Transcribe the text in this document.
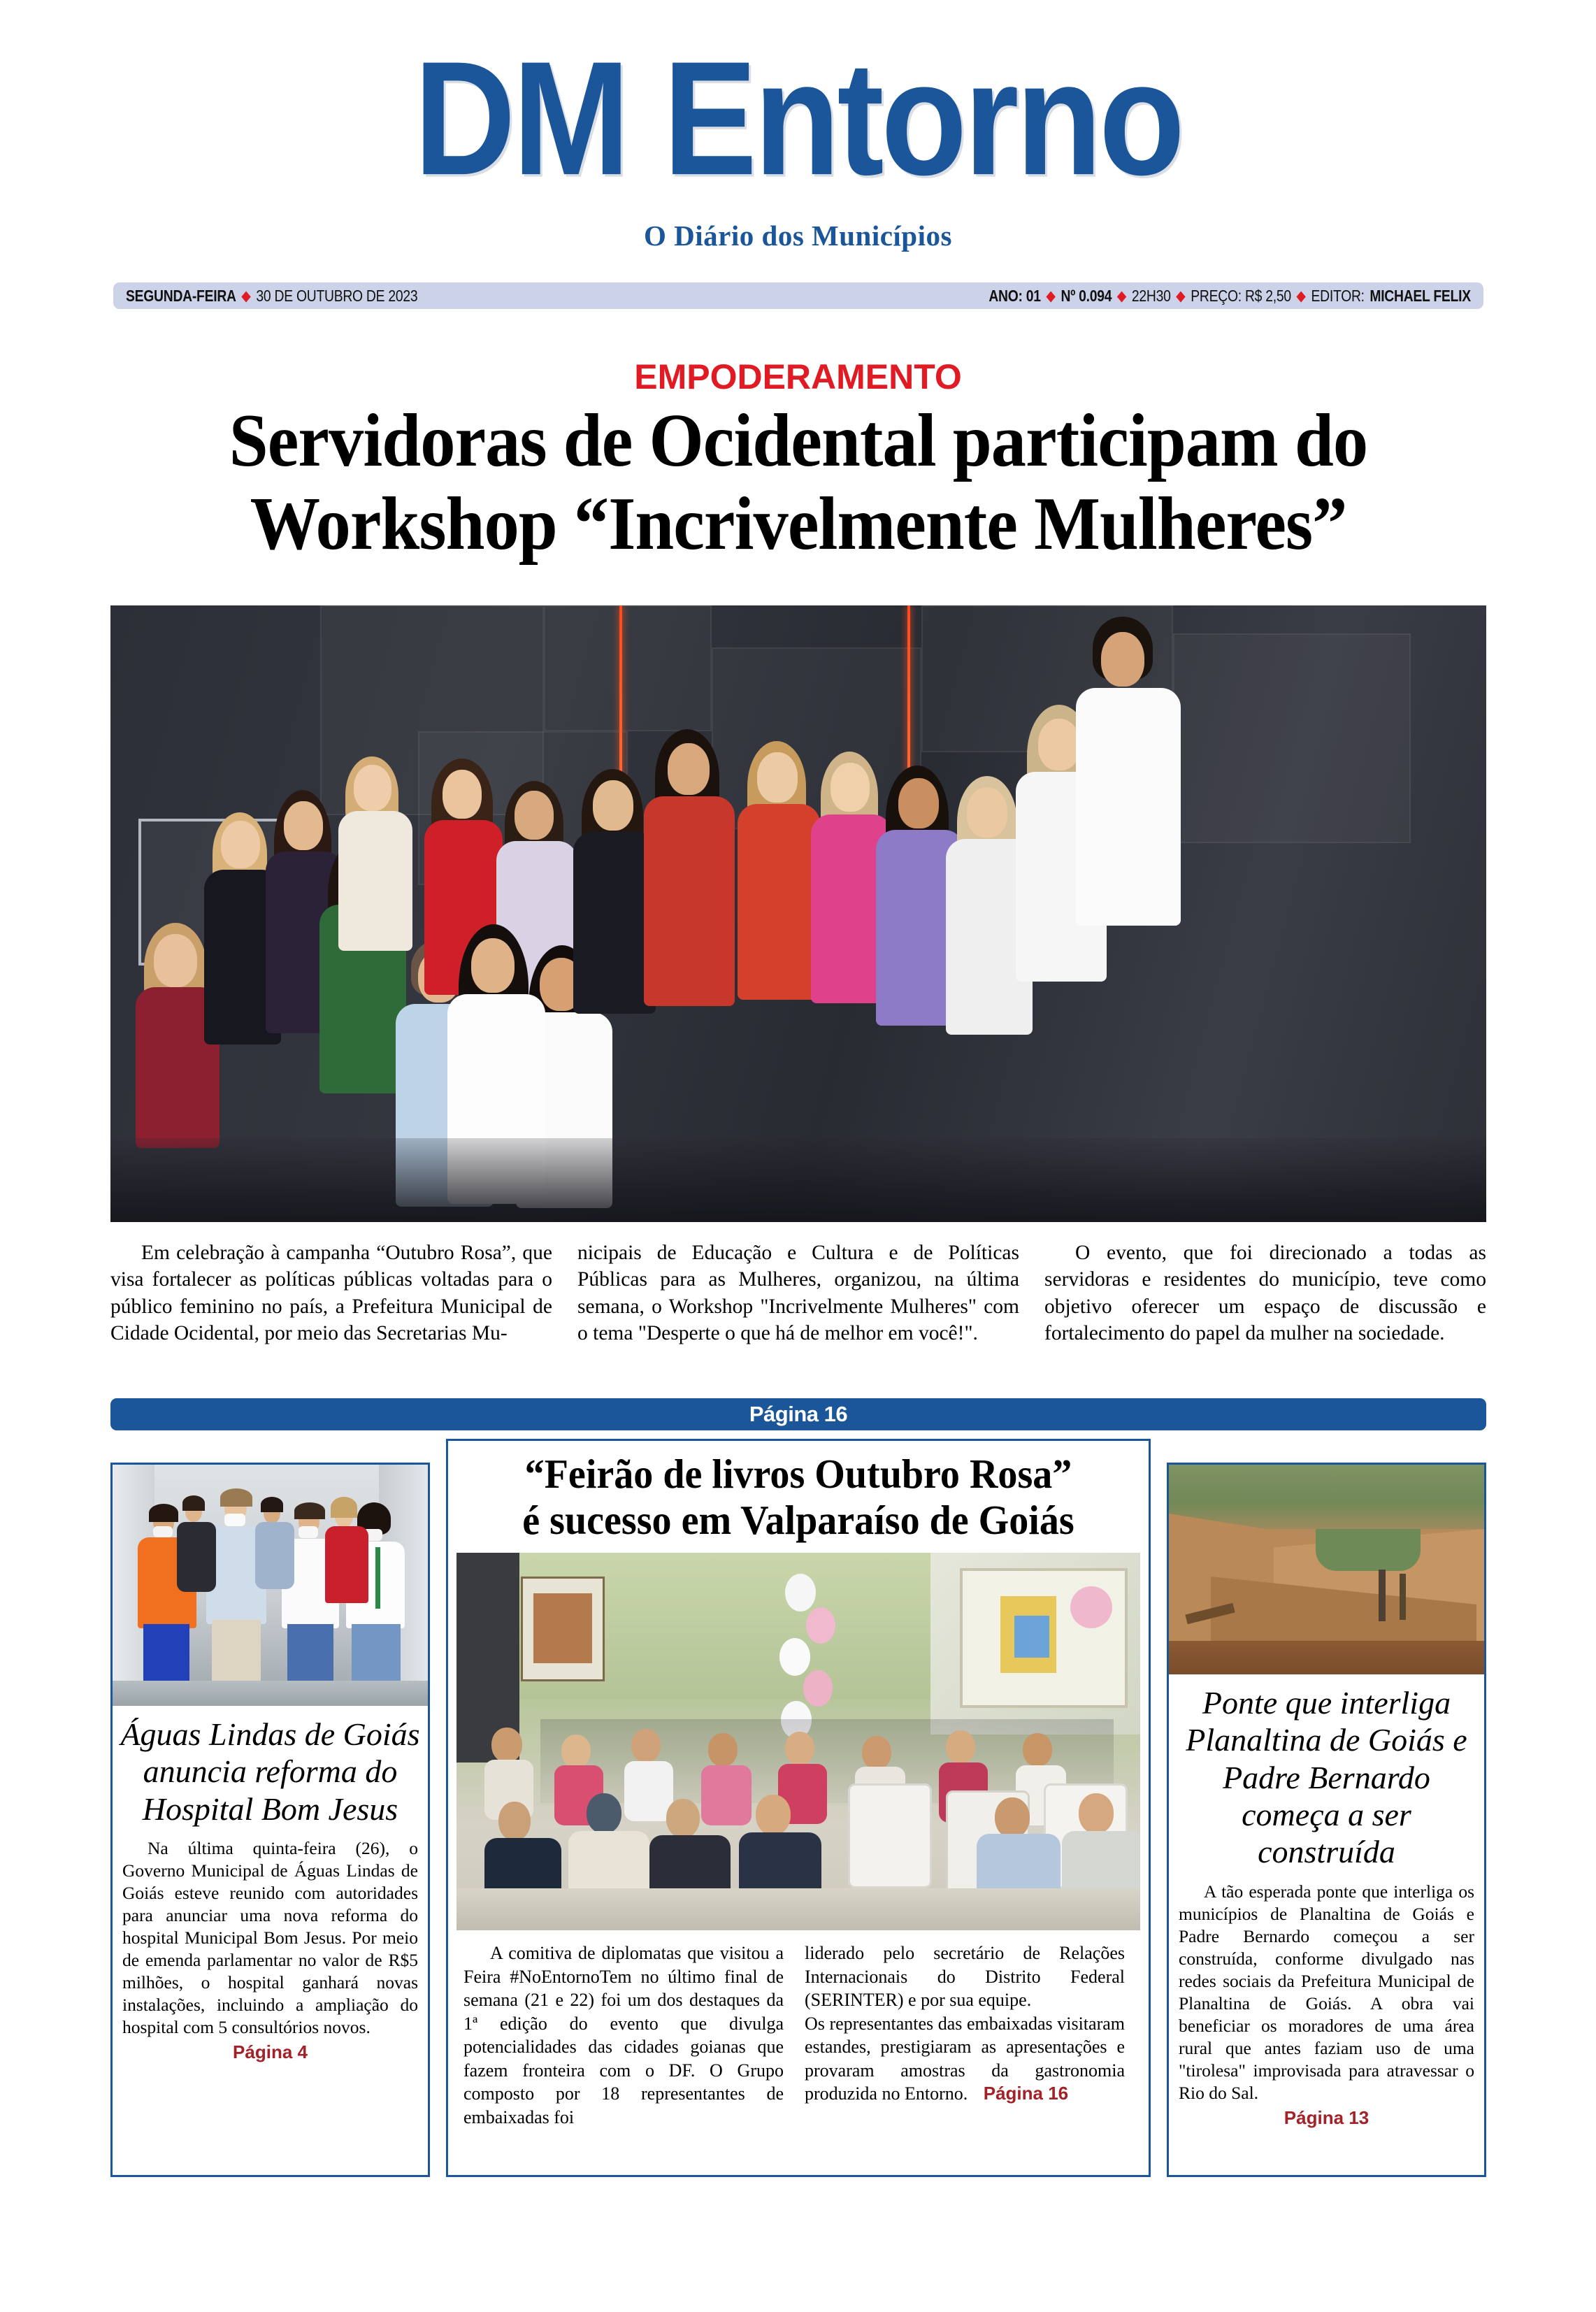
DM Entorno
O Diário dos Municípios
SEGUNDA-FEIRA ◆ 30 DE OUTUBRO DE 2023	ANO: 01 ◆ Nº 0.094 ◆ 22H30 ◆ PREÇO: R$ 2,50 ◆ EDITOR: MICHAEL FELIX
EMPODERAMENTO
Servidoras de Ocidental participam do
Workshop “Incrivelmente Mulheres”
Em celebração à campanha “Outubro Rosa”, que visa fortalecer as políticas públicas voltadas para o público feminino no país, a Prefeitura Municipal de Cidade Ocidental, por meio das Secretarias Mu-
nicipais de Educação e Cultura e de Políticas Públicas para as Mulheres, organizou, na última semana, o Workshop "Incrivelmente Mulheres" com o tema "Desperte o que há de melhor em você!".
O evento, que foi direcionado a todas as servidoras e residentes do município, teve como objetivo oferecer um espaço de discussão e fortalecimento do papel da mulher na sociedade.
Página 16
Águas Lindas de Goiás anuncia reforma do Hospital Bom Jesus
Na última quinta-feira (26), o Governo Municipal de Águas Lindas de Goiás esteve reunido com autoridades para anunciar uma nova reforma do hospital Municipal Bom Jesus. Por meio de emenda parlamentar no valor de R$5 milhões, o hospital ganhará novas instalações, incluindo a ampliação do hospital com 5 consultórios novos.
Página 4
“Feirão de livros Outubro Rosa”
é sucesso em Valparaíso de Goiás

A comitiva de diplomatas que visitou a Feira #NoEntornoTem no último final de semana (21 e 22) foi um dos destaques da 1ª edição do evento que divulga potencialidades das cidades goianas que fazem fronteira com o DF. O Grupo composto por 18 representantes de embaixadas foi

liderado pelo secretário de Relações Internacionais do Distrito Federal (SERINTER) e por sua equipe.

Os representantes das embaixadas visitaram estandes, prestigiaram as apresentações e provaram amostras da gastronomia produzida no Entorno. Página 16
Ponte que interliga Planaltina de Goiás e Padre Bernardo começa a ser construída
A tão esperada ponte que interliga os municípios de Planaltina de Goiás e Padre Bernardo começou a ser construída, conforme divulgado nas redes sociais da Prefeitura Municipal de Planaltina de Goiás. A obra vai beneficiar os moradores de uma área rural que antes faziam uso de uma "tirolesa" improvisada para atravessar o Rio do Sal.
Página 13
